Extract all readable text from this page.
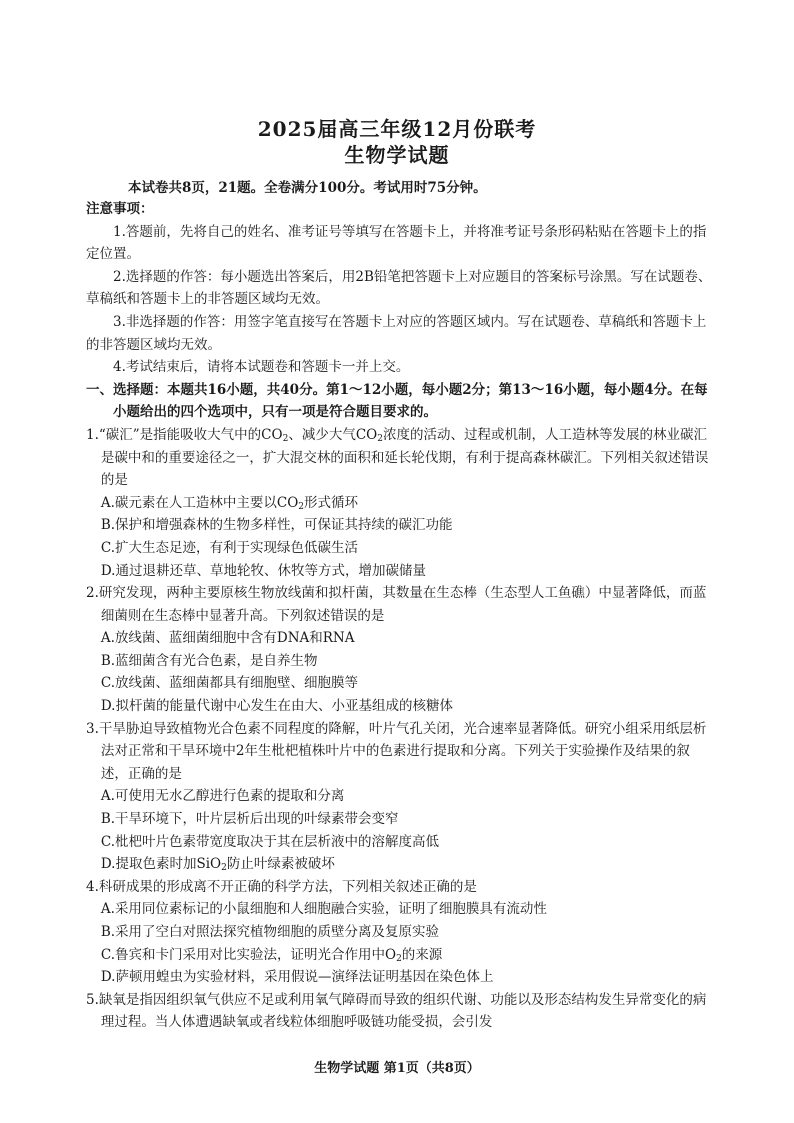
2025届高三年级12月份联考
生物学试题
本试卷共8页，21题。全卷满分100分。考试用时75分钟。

注意事项：

1.答题前，先将自己的姓名、准考证号等填写在答题卡上，并将准考证号条形码粘贴在答题卡上的指定位置。

2.选择题的作答：每小题选出答案后，用2B铅笔把答题卡上对应题目的答案标号涂黑。写在试题卷、草稿纸和答题卡上的非答题区域均无效。

3.非选择题的作答：用签字笔直接写在答题卡上对应的答题区域内。写在试题卷、草稿纸和答题卡上的非答题区域均无效。

4.考试结束后，请将本试题卷和答题卡一并上交。

一、选择题：本题共16小题，共40分。第1～12小题，每小题2分；第13～16小题，每小题4分。在每小题给出的四个选项中，只有一项是符合题目要求的。

1.“碳汇”是指能吸收大气中的$CO_2$、减少大气$CO_2$浓度的活动、过程或机制，人工造林等发展的林业碳汇是碳中和的重要途径之一，扩大混交林的面积和延长轮伐期，有利于提高森林碳汇。下列相关叙述错误的是

A.碳元素在人工造林中主要以$CO_2$形式循环

B.保护和增强森林的生物多样性，可保证其持续的碳汇功能

C.扩大生态足迹，有利于实现绿色低碳生活

D.通过退耕还草、草地轮牧、休牧等方式，增加碳储量

2.研究发现，两种主要原核生物放线菌和拟杆菌，其数量在生态棒（生态型人工鱼礁）中显著降低，而蓝细菌则在生态棒中显著升高。下列叙述错误的是

A.放线菌、蓝细菌细胞中含有DNA和RNA

B.蓝细菌含有光合色素，是自养生物

C.放线菌、蓝细菌都具有细胞壁、细胞膜等

D.拟杆菌的能量代谢中心发生在由大、小亚基组成的核糖体

3.干旱胁迫导致植物光合色素不同程度的降解，叶片气孔关闭，光合速率显著降低。研究小组采用纸层析法对正常和干旱环境中2年生枇杷植株叶片中的色素进行提取和分离。下列关于实验操作及结果的叙述，正确的是

A.可使用无水乙醇进行色素的提取和分离

B.干旱环境下，叶片层析后出现的叶绿素带会变窄

C.枇杷叶片色素带宽度取决于其在层析液中的溶解度高低

D.提取色素时加SiO$_2$防止叶绿素被破坏

4.科研成果的形成离不开正确的科学方法，下列相关叙述正确的是

A.采用同位素标记的小鼠细胞和人细胞融合实验，证明了细胞膜具有流动性

B.采用了空白对照法探究植物细胞的质壁分离及复原实验

C.鲁宾和卡门采用对比实验法，证明光合作用中$O_2$的来源

D.萨顿用蝗虫为实验材料，采用假说—演绎法证明基因在染色体上

5.缺氧是指因组织氧气供应不足或利用氧气障碍而导致的组织代谢、功能以及形态结构发生异常变化的病理过程。当人体遭遇缺氧或者线粒体细胞呼吸链功能受损，会引发

生物学试题 第1页（共8页）
